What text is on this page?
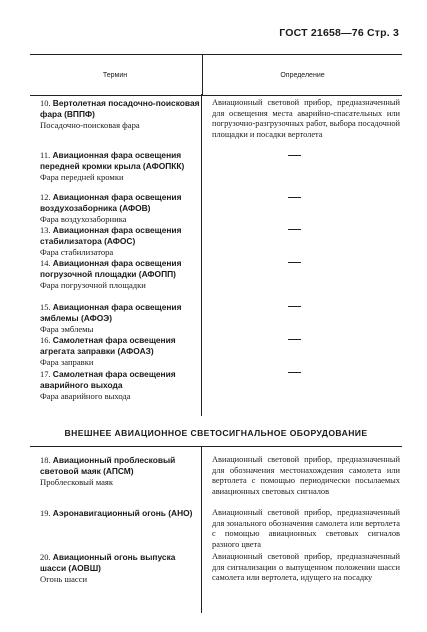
ГОСТ 21658—76 Стр. 3
Термин	Определение
10. Вертолетная посадочно-поисковая фара (ВППФ)
Посадочно-поисковая фара
Авиационный световой прибор, предназначенный для освещения места аварийно-спасательных или погрузочно-разгрузочных работ, выбора посадочной площадки и посадки вертолета
11. Авиационная фара освещения передней кромки крыла (АФОПКК)
Фара передней кромки
12. Авиационная фара освещения воздухозаборника (АФОВ)
Фара воздухозаборника
13. Авиационная фара освещения стабилизатора (АФОС)
Фара стабилизатора
14. Авиационная фара освещения погрузочной площадки (АФОПП)
Фара погрузочной площадки
15. Авиационная фара освещения эмблемы (АФОЭ)
Фара эмблемы
16. Самолетная фара освещения агрегата заправки (АФОАЗ)
Фара заправки
17. Самолетная фара освещения аварийного выхода
Фара аварийного выхода
ВНЕШНЕЕ АВИАЦИОННОЕ СВЕТОСИГНАЛЬНОЕ ОБОРУДОВАНИЕ
18. Авиационный проблесковый световой маяк (АПСМ)
Проблесковый маяк
Авиационный световой прибор, предназначенный для обозначения местонахождения самолета или вертолета с помощью периодически посылаемых авиационных световых сигналов
19. Аэронавигационный огонь (АНО)	Авиационный световой прибор, предназначенный для зонального обозначения самолета или вертолета с помощью авиационных световых сигналов разного цвета
20. Авиационный огонь выпуска шасси (АОВШ)
Огонь шасси
Авиационный световой прибор, предназначенный для сигнализации о выпущенном положении шасси самолета или вертолета, идущего на посадку
